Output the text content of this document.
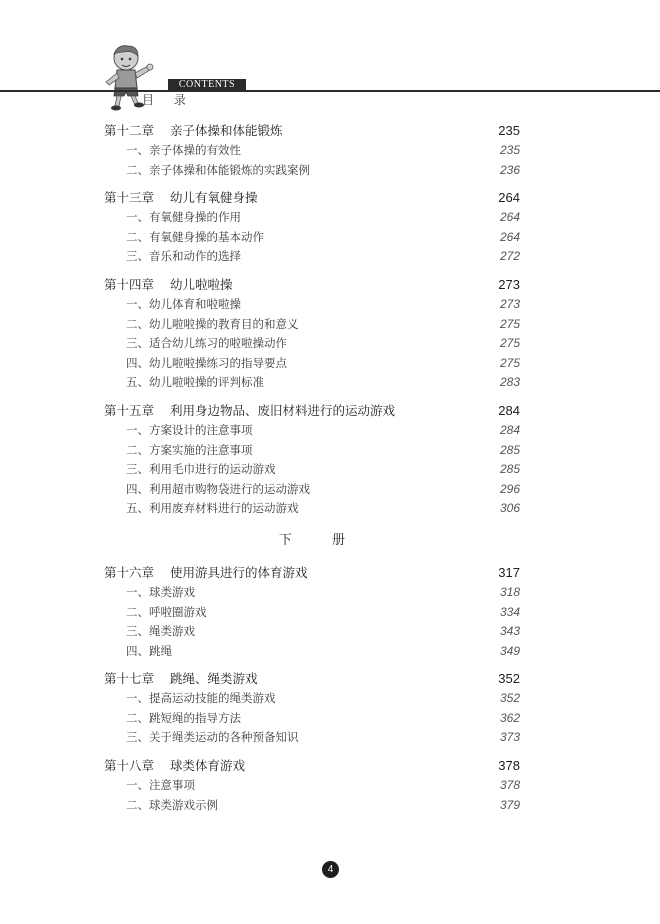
CONTENTS
目 录
第十二章 亲子体操和体能锻炼	235
一、亲子体操的有效性	235
二、亲子体操和体能锻炼的实践案例	236
第十三章 幼儿有氧健身操	264
一、有氧健身操的作用	264
二、有氧健身操的基本动作	264
三、音乐和动作的选择	272
第十四章 幼儿啦啦操	273
一、幼儿体育和啦啦操	273
二、幼儿啦啦操的教育目的和意义	275
三、适合幼儿练习的啦啦操动作	275
四、幼儿啦啦操练习的指导要点	275
五、幼儿啦啦操的评判标准	283
第十五章 利用身边物品、废旧材料进行的运动游戏	284
一、方案设计的注意事项	284
二、方案实施的注意事项	285
三、利用毛巾进行的运动游戏	285
四、利用超市购物袋进行的运动游戏	296
五、利用废弃材料进行的运动游戏	306
下 册
第十六章 使用游具进行的体育游戏	317
一、球类游戏	318
二、呼啦圈游戏	334
三、绳类游戏	343
四、跳绳	349
第十七章 跳绳、绳类游戏	352
一、提高运动技能的绳类游戏	352
二、跳短绳的指导方法	362
三、关于绳类运动的各种预备知识	373
第十八章 球类体育游戏	378
一、注意事项	378
二、球类游戏示例	379
4
